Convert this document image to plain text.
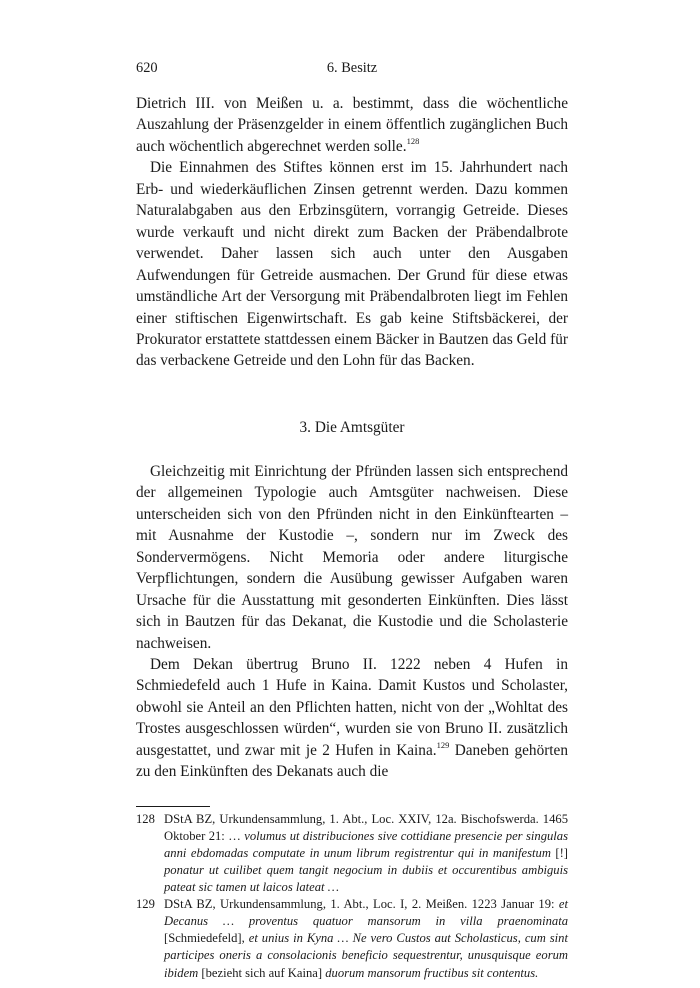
620	6. Besitz

Dietrich III. von Meißen u. a. bestimmt, dass die wöchentliche Auszahlung der Präsenzgelder in einem öffentlich zugänglichen Buch auch wöchentlich abgerechnet werden solle.$^{128}$

Die Einnahmen des Stiftes können erst im 15. Jahrhundert nach Erb- und wiederkäuflichen Zinsen getrennt werden. Dazu kommen Naturalabgaben aus den Erbzinsgütern, vorrangig Getreide. Dieses wurde verkauft und nicht direkt zum Backen der Präbendalbrote verwendet. Daher lassen sich auch unter den Ausgaben Aufwendungen für Getreide ausmachen. Der Grund für diese etwas umständliche Art der Versorgung mit Präbendalbroten liegt im Fehlen einer stiftischen Eigenwirtschaft. Es gab keine Stiftsbäckerei, der Prokurator erstattete stattdessen einem Bäcker in Bautzen das Geld für das verbackene Getreide und den Lohn für das Backen.

3. Die Amtsgüter

Gleichzeitig mit Einrichtung der Pfründen lassen sich entsprechend der allgemeinen Typologie auch Amtsgüter nachweisen. Diese unterscheiden sich von den Pfründen nicht in den Einkünftearten – mit Ausnahme der Kustodie –, sondern nur im Zweck des Sondervermögens. Nicht Memoria oder andere liturgische Verpflichtungen, sondern die Ausübung gewisser Aufgaben waren Ursache für die Ausstattung mit gesonderten Einkünften. Dies lässt sich in Bautzen für das Dekanat, die Kustodie und die Scholasterie nachweisen.

Dem Dekan übertrug Bruno II. 1222 neben 4 Hufen in Schmiedefeld auch 1 Hufe in Kaina. Damit Kustos und Scholaster, obwohl sie Anteil an den Pflichten hatten, nicht von der „Wohltat des Trostes ausgeschlossen würden“, wurden sie von Bruno II. zusätzlich ausgestattet, und zwar mit je 2 Hufen in Kaina.$^{129}$ Daneben gehörten zu den Einkünften des Dekanats auch die

128 DStA BZ, Urkundensammlung, 1. Abt., Loc. XXIV, 12a. Bischofswerda. 1465 Oktober 21: … volumus ut distribuciones sive cottidiane presencie per singulas anni ebdomadas computate in unum librum registrentur qui in manifestum [!] ponatur ut cuilibet quem tangit negocium in dubiis et occurentibus ambiguis pateat sic tamen ut laicos lateat …

129 DStA BZ, Urkundensammlung, 1. Abt., Loc. I, 2. Meißen. 1223 Januar 19: et Decanus … proventus quatuor mansorum in villa praenominata [Schmiedefeld], et unius in Kyna … Ne vero Custos aut Scholasticus, cum sint participes oneris a consolacionis beneficio sequestrentur, unusquisque eorum ibidem [bezieht sich auf Kaina] duorum mansorum fructibus sit contentus.
